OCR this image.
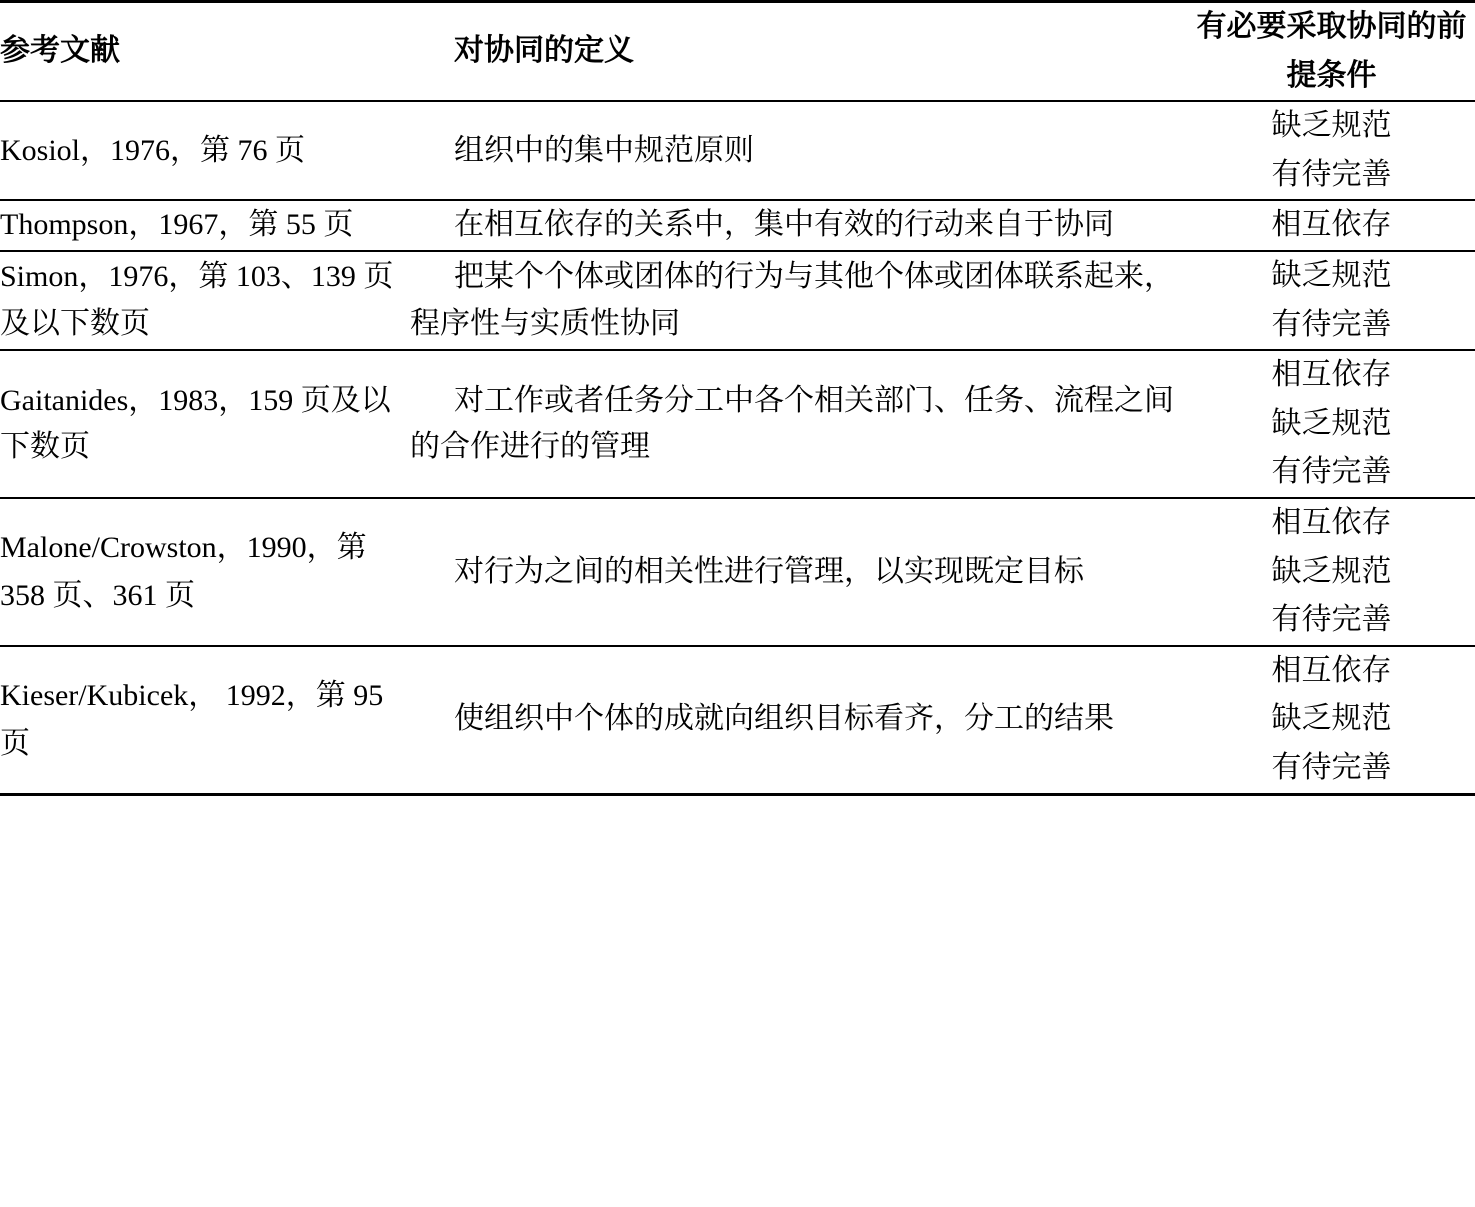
参考文献	对协同的定义	有必要采取协同的前提条件
Kosiol，1976，第 76 页	组织中的集中规范原则	缺乏规范
有待完善

Thompson，1967，第 55 页	在相互依存的关系中，集中有效的行动来自于协同	相互依存

Simon，1976，第 103、139 页及以下数页	把某个个体或团体的行为与其他个体或团体联系起来，程序性与实质性协同	缺乏规范
有待完善

Gaitanides，1983，159 页及以下数页	对工作或者任务分工中各个相关部门、任务、流程之间的合作进行的管理	相互依存
缺乏规范
有待完善

Malone/Crowston，1990，第 358 页、361 页	对行为之间的相关性进行管理，以实现既定目标	相互依存
缺乏规范
有待完善

Kieser/Kubicek， 1992，第 95 页	使组织中个体的成就向组织目标看齐，分工的结果	相互依存
缺乏规范
有待完善
